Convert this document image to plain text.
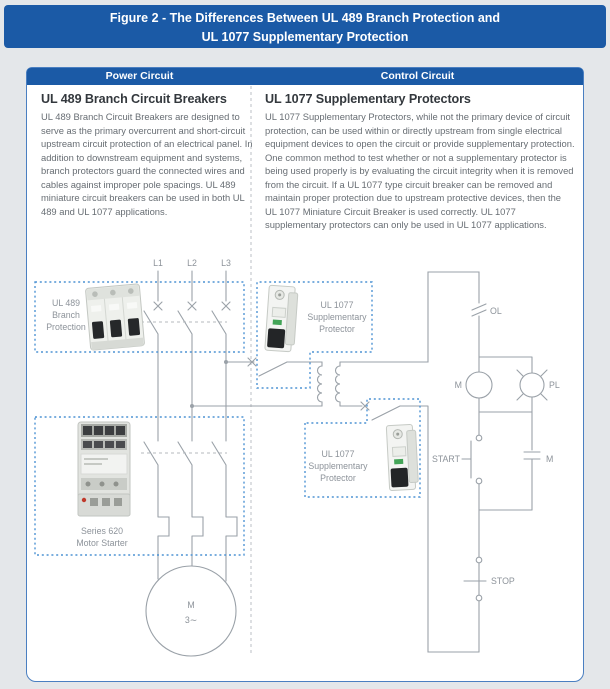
Figure 2 - The Differences Between UL 489 Branch Protection and
UL 1077 Supplementary Protection
Power Circuit	Control Circuit
UL 489 Branch Circuit Breakers

UL 489 Branch Circuit Breakers are designed to serve as the primary overcurrent and short-circuit upstream circuit protection of an electrical panel. In addition to downstream equipment and systems, branch protectors guard the connected wires and cables against improper pole spacings. UL 489 miniature circuit breakers can be used in both UL 489 and UL 1077 applications.

UL 1077 Supplementary Protectors

UL 1077 Supplementary Protectors, while not the primary device of circuit protection, can be used within or directly upstream from single electrical equipment devices to open the circuit or provide supplementary protection. One common method to test whether or not a supplementary protector is being used properly is by evaluating the circuit integrity when it is removed from the circuit. If a UL 1077 type circuit breaker can be removed and maintain proper protection due to upstream protective devices, then the UL 1077 Miniature Circuit Breaker is used correctly. UL 1077 supplementary protectors can only be used in UL 1077 applications.

L1	L2	L3
M
3∼
UL 489
Branch
Protection
Series 620
Motor Starter
OL
M	PL
START	M
STOP
UL 1077
Supplementary
Protector
UL 1077
Supplementary
Protector
